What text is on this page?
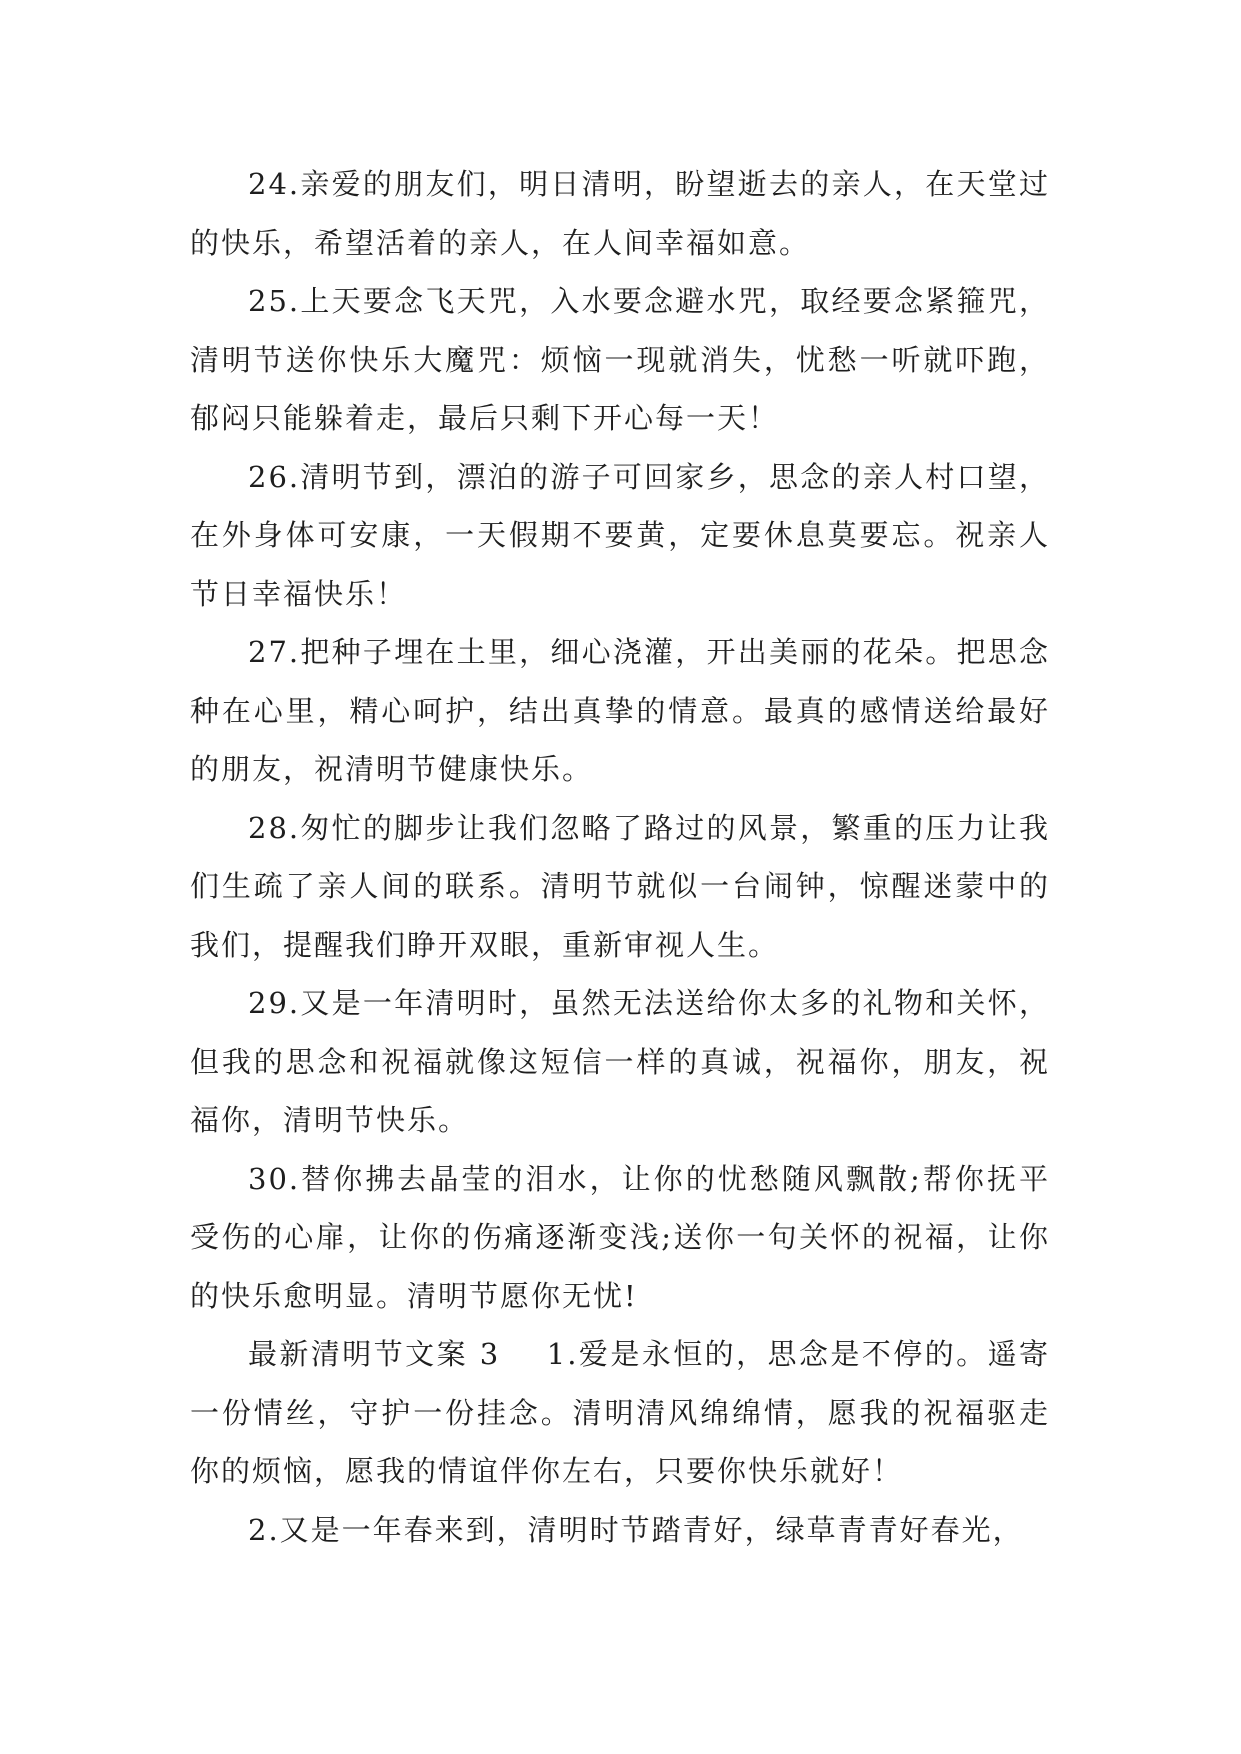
24.亲爱的朋友们，明日清明，盼望逝去的亲人，在天堂过的快乐，希望活着的亲人，在人间幸福如意。

25.上天要念飞天咒，入水要念避水咒，取经要念紧箍咒，清明节送你快乐大魔咒：烦恼一现就消失，忧愁一听就吓跑，郁闷只能躲着走，最后只剩下开心每一天！

26.清明节到，漂泊的游子可回家乡，思念的亲人村口望，在外身体可安康，一天假期不要黄，定要休息莫要忘。祝亲人节日幸福快乐！

27.把种子埋在土里，细心浇灌，开出美丽的花朵。把思念种在心里，精心呵护，结出真挚的情意。最真的感情送给最好的朋友，祝清明节健康快乐。

28.匆忙的脚步让我们忽略了路过的风景，繁重的压力让我们生疏了亲人间的联系。清明节就似一台闹钟，惊醒迷蒙中的我们，提醒我们睁开双眼，重新审视人生。

29.又是一年清明时，虽然无法送给你太多的礼物和关怀，但我的思念和祝福就像这短信一样的真诚，祝福你，朋友，祝福你，清明节快乐。

30.替你拂去晶莹的泪水，让你的忧愁随风飘散;帮你抚平受伤的心扉，让你的伤痛逐渐变浅;送你一句关怀的祝福，让你的快乐愈明显。清明节愿你无忧!

最新清明节文案 3 1.爱是永恒的，思念是不停的。遥寄一份情丝，守护一份挂念。清明清风绵绵情，愿我的祝福驱走你的烦恼，愿我的情谊伴你左右，只要你快乐就好！

2.又是一年春来到，清明时节踏青好，绿草青青好春光，
